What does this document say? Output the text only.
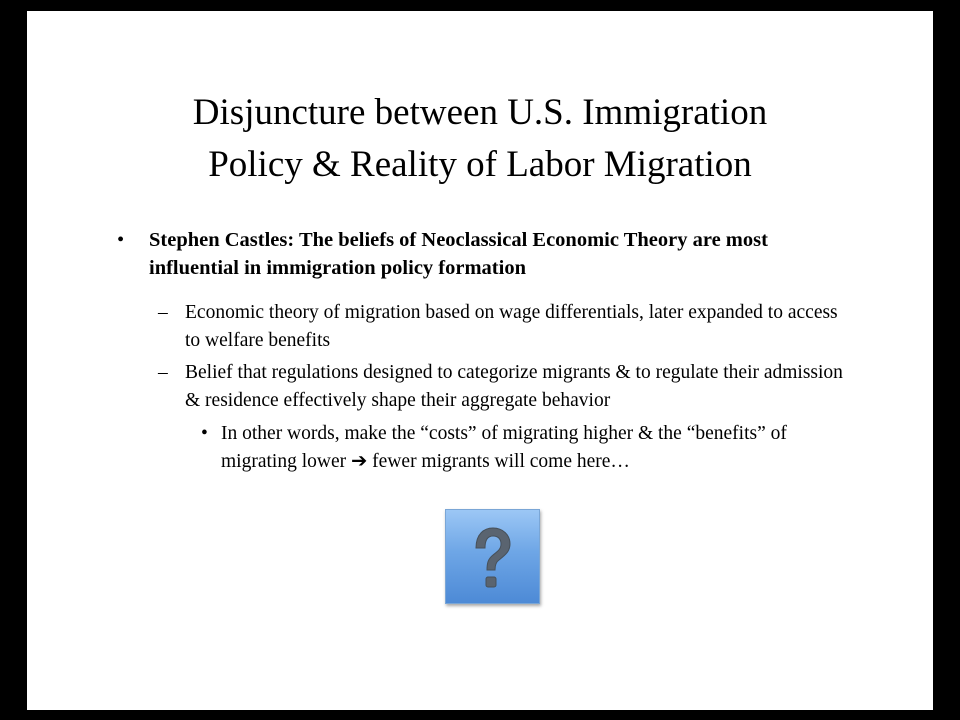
Disjuncture between U.S. Immigration
Policy & Reality of Labor Migration
• Stephen Castles: The beliefs of Neoclassical Economic Theory are most influential in immigration policy formation
– Economic theory of migration based on wage differentials, later expanded to access to welfare benefits
– Belief that regulations designed to categorize migrants & to regulate their admission & residence effectively shape their aggregate behavior
• In other words, make the “costs” of migrating higher & the “benefits” of migrating lower ➔ fewer migrants will come here…
